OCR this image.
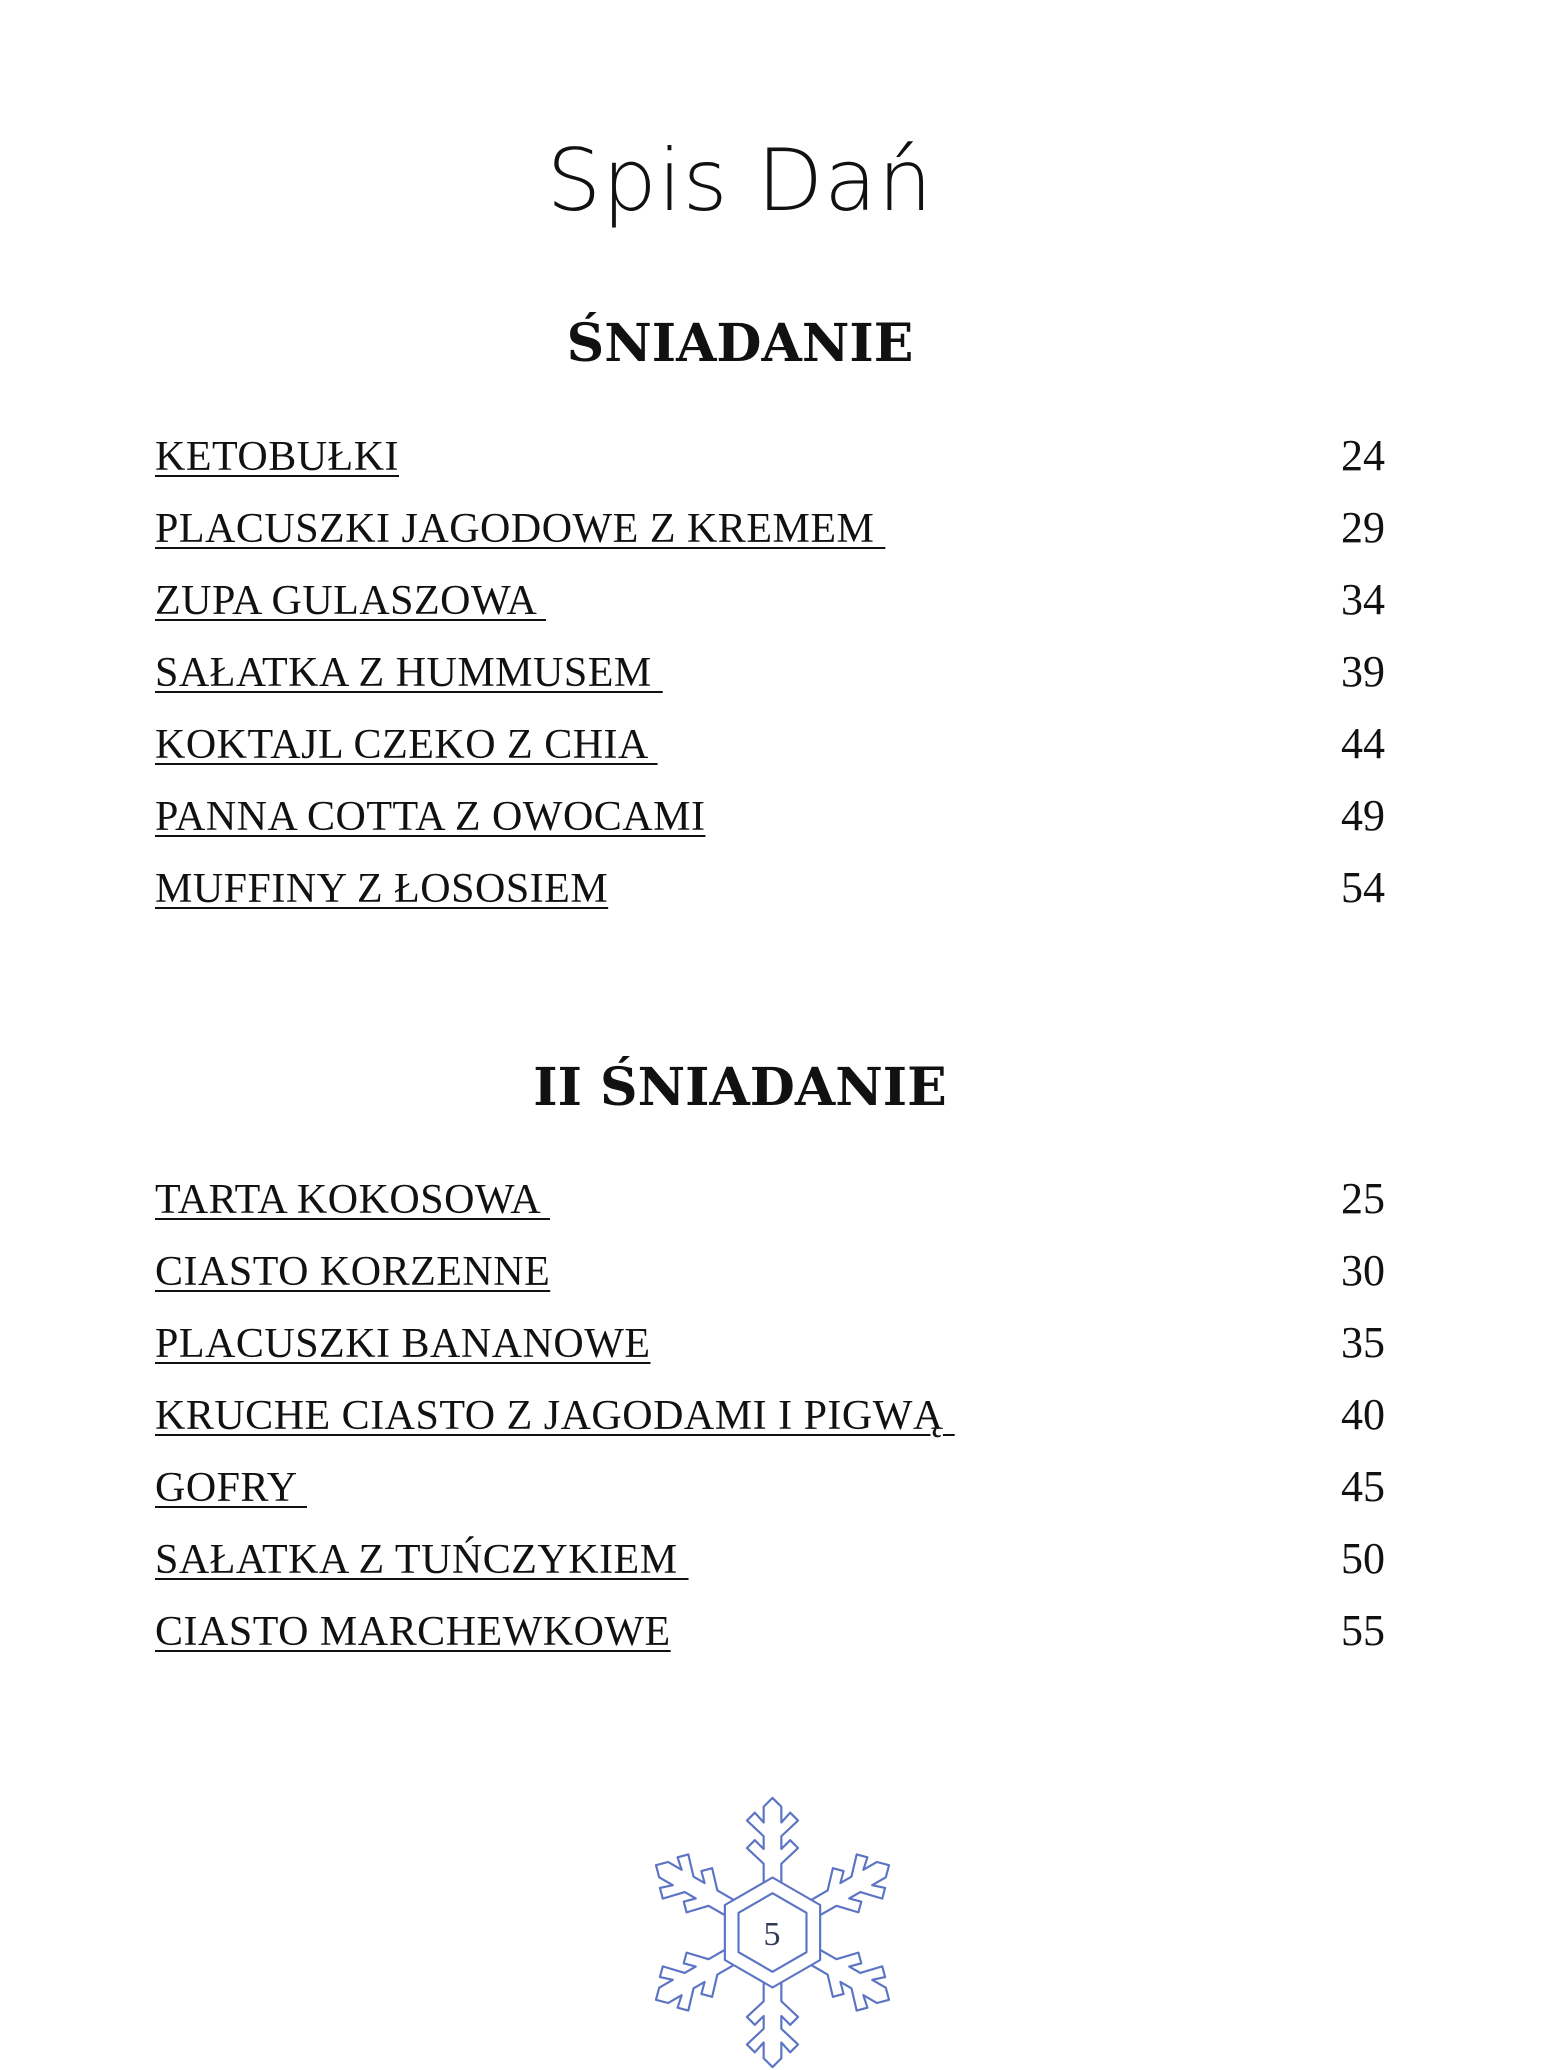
Spis Dań
ŚNIADANIE
KETOBUŁKI	24
PLACUSZKI JAGODOWE Z KREMEM	29
ZUPA GULASZOWA	34
SAŁATKA Z HUMMUSEM	39
KOKTAJL CZEKO Z CHIA	44
PANNA COTTA Z OWOCAMI	49
MUFFINY Z ŁOSOSIEM	54
II ŚNIADANIE
TARTA KOKOSOWA	25
CIASTO KORZENNE	30
PLACUSZKI BANANOWE	35
KRUCHE CIASTO Z JAGODAMI I PIGWĄ	40
GOFRY	45
SAŁATKA Z TUŃCZYKIEM	50
CIASTO MARCHEWKOWE	55
5
